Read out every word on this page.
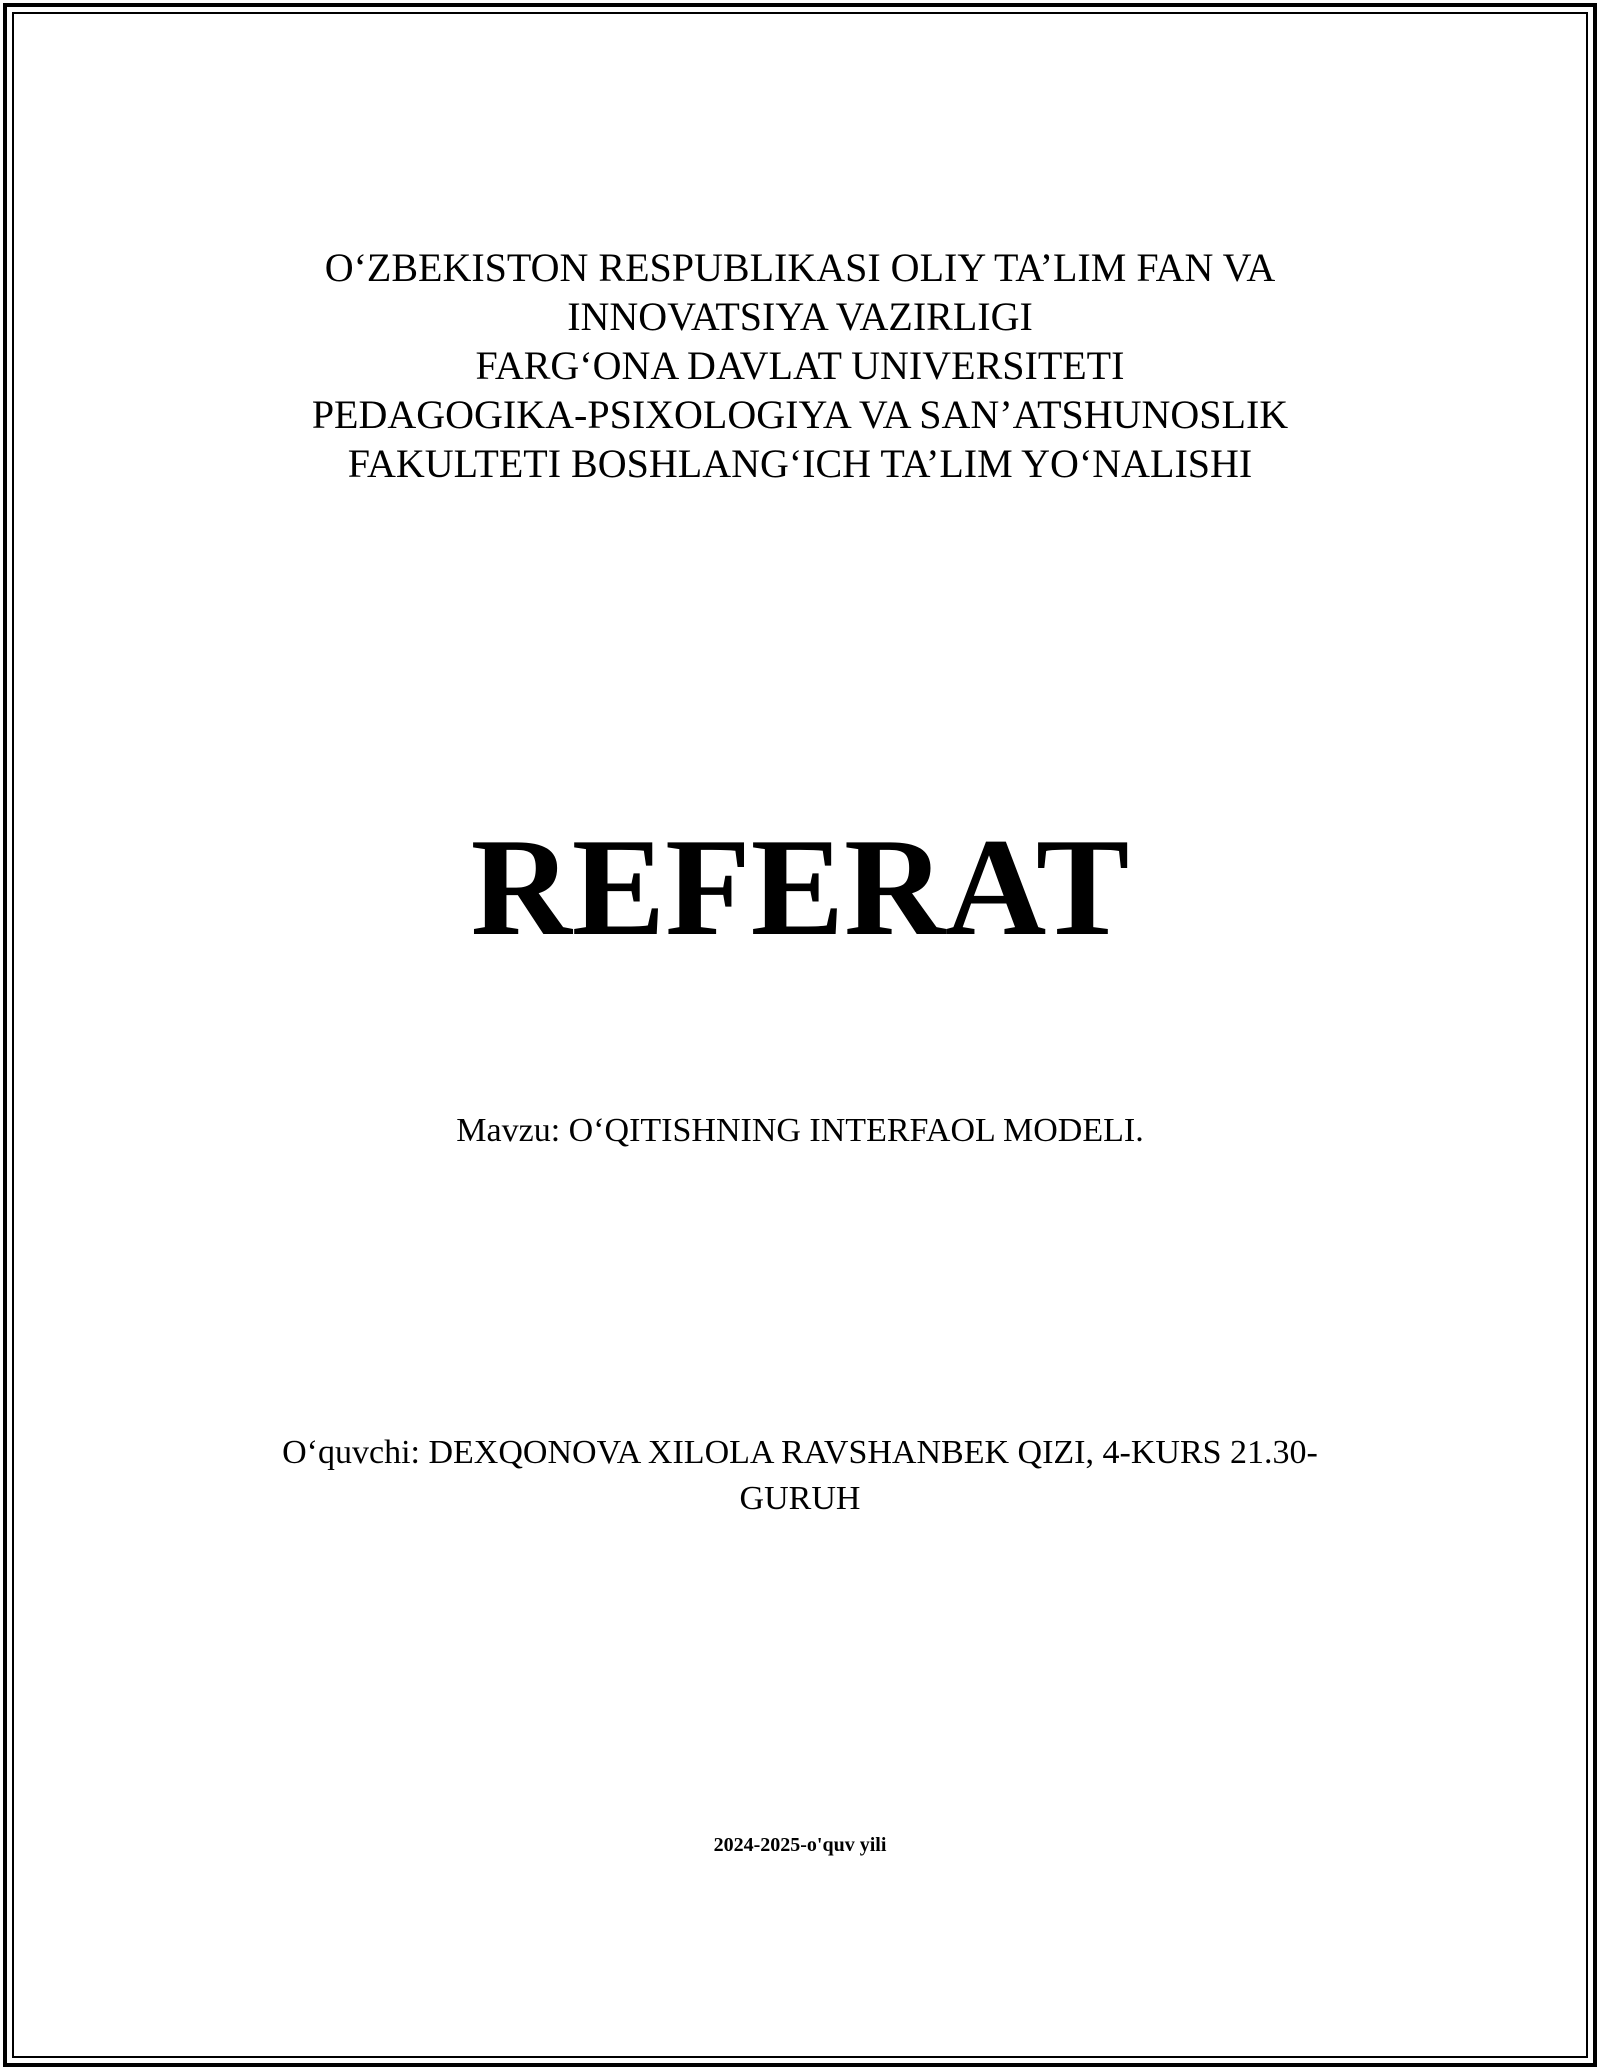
O‘ZBEKISTON RESPUBLIKASI OLIY TA’LIM FAN VA
INNOVATSIYA VAZIRLIGI
FARG‘ONA DAVLAT UNIVERSITETI
PEDAGOGIKA-PSIXOLOGIYA VA SAN’ATSHUNOSLIK
FAKULTETI BOSHLANG‘ICH TA’LIM YO‘NALISHI
REFERAT
Mavzu: O‘QITISHNING INTERFAOL MODELI.
O‘quvchi: DEXQONOVA XILOLA RAVSHANBEK QIZI, 4-KURS 21.30-
GURUH
2024-2025-o'quv yili
